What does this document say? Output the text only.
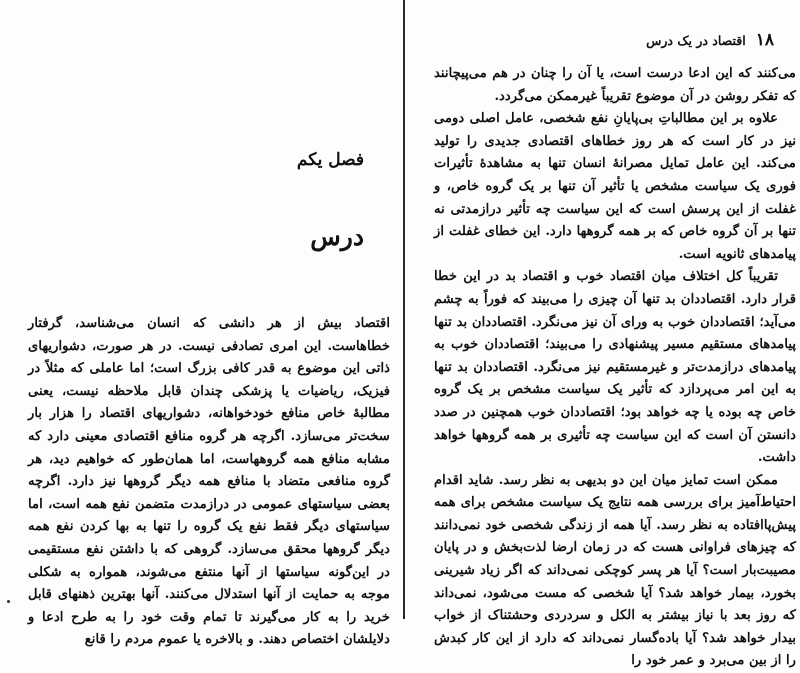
فصل یکم
درس

اقتصاد بیش از هر دانشی که انسان می‌شناسد، گرفتار خطاهاست. این امری تصادفی نیست. در هر صورت، دشواریهای ذاتی این موضوع به قدر کافی بزرگ است؛ اما عاملی که مثلاً در فیزیک، ریاضیات یا پزشکی چندان قابل ملاحظه نیست، یعنی مطالبهٔ خاص منافع خودخواهانه، دشواریهای اقتصاد را هزار بار سخت‌تر می‌سازد. اگرچه هر گروه منافع اقتصادی معینی دارد که مشابه منافع همه گروههاست، اما همان‌طور که خواهیم دید، هر گروه منافعی متضاد با منافع همه دیگر گروهها نیز دارد. اگرچه بعضی سیاستهای عمومی در درازمدت متضمن نفع همه است، اما سیاستهای دیگر فقط نفع یک گروه را تنها به بها کردن نفع همه دیگر گروهها محقق می‌سازد. گروهی که با داشتن نفع مستقیمی در این‌گونه سیاستها از آنها منتفع می‌شوند، همواره به شکلی موجه به حمایت از آنها استدلال می‌کنند. آنها بهترین ذهنهای قابل خرید را به کار می‌گیرند تا تمام وقت خود را به طرح ادعا و دلایلشان اختصاص دهند. و بالاخره یا عموم مردم را قانع

۱۸
اقتصاد در یک درس

می‌کنند که این ادعا درست است، یا آن را چنان در هم می‌پیچانند که تفکر روشن در آن موضوع تقریباً غیرممکن می‌گردد.

علاوه بر این مطالباتِ بی‌پایانِ نفع شخصی، عامل اصلی دومی نیز در کار است که هر روز خطاهای اقتصادی جدیدی را تولید می‌کند. این عامل تمایل مصرانهٔ انسان تنها به مشاهدهٔ تأثیرات فوری یک سیاست مشخص یا تأثیر آن تنها بر یک گروه خاص، و غفلت از این پرسش است که این سیاست چه تأثیر درازمدتی نه تنها بر آن گروه خاص که بر همه گروهها دارد. این خطای غفلت از پیامدهای ثانویه است.

تقریباً کل اختلاف میان اقتصاد خوب و اقتصاد بد در این خطا قرار دارد. اقتصاددان بد تنها آن چیزی را می‌بیند که فوراً به چشم می‌آید؛ اقتصاددان خوب به ورای آن نیز می‌نگرد. اقتصاددان بد تنها پیامدهای مستقیم مسیر پیشنهادی را می‌بیند؛ اقتصاددان خوب به پیامدهای درازمدت‌تر و غیرمستقیم نیز می‌نگرد. اقتصاددان بد تنها به این امر می‌پردازد که تأثیر یک سیاست مشخص بر یک گروه خاص چه بوده یا چه خواهد بود؛ اقتصاددان خوب همچنین در صدد دانستن آن است که این سیاست چه تأثیری بر همه گروهها خواهد داشت.

ممکن است تمایز میان این دو بدیهی به نظر رسد. شاید اقدام احتیاط‌آمیز برای بررسی همه نتایج یک سیاست مشخص برای همه پیش‌پاافتاده به نظر رسد. آیا همه از زندگی شخصی خود نمی‌دانند که چیزهای فراوانی هست که در زمان ارضا لذت‌بخش و در پایان مصیبت‌بار است؟ آیا هر پسر کوچکی نمی‌داند که اگر زیاد شیرینی بخورد، بیمار خواهد شد؟ آیا شخصی که مست می‌شود، نمی‌داند که روز بعد با نیاز بیشتر به الکل و سردردی وحشتناک از خواب بیدار خواهد شد؟ آیا باده‌گسار نمی‌داند که دارد از این کار کبدش را از بین می‌برد و عمر خود را
